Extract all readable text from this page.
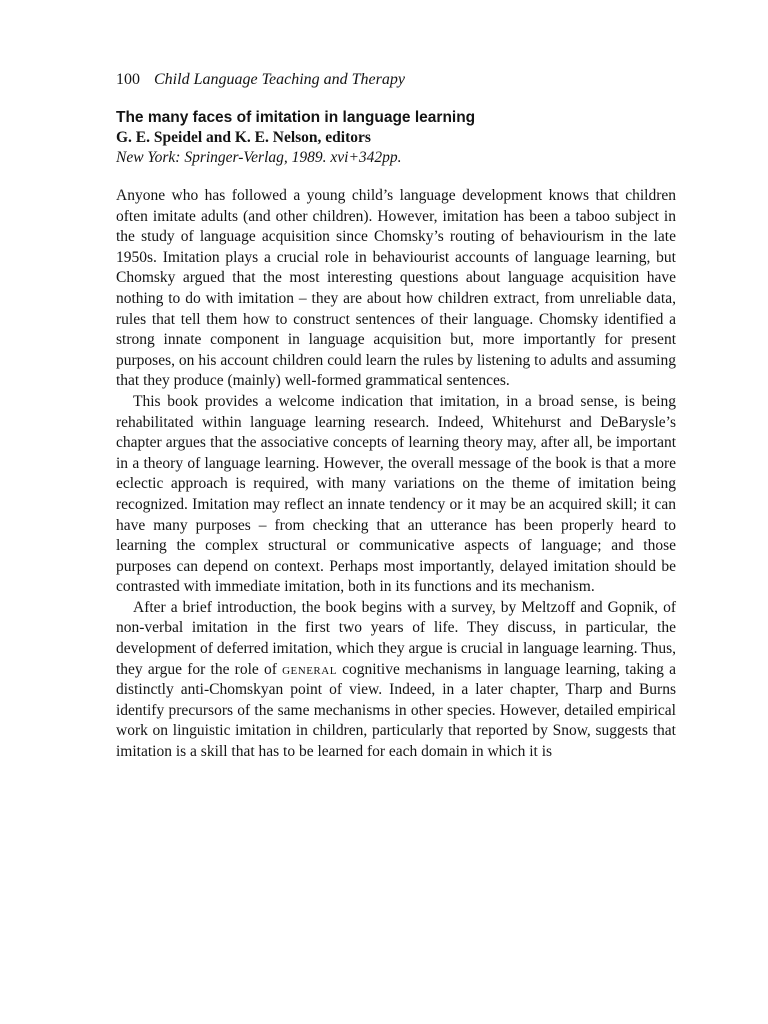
100 Child Language Teaching and Therapy

The many faces of imitation in language learning

G. E. Speidel and K. E. Nelson, editors

New York: Springer-Verlag, 1989. xvi+342pp.

Anyone who has followed a young child’s language development knows that children often imitate adults (and other children). However, imitation has been a taboo subject in the study of language acquisition since Chomsky’s routing of behaviourism in the late 1950s. Imitation plays a crucial role in behaviourist accounts of language learning, but Chomsky argued that the most interesting questions about language acquisition have nothing to do with imitation – they are about how children extract, from unreliable data, rules that tell them how to construct sentences of their language. Chomsky identified a strong innate component in language acquisition but, more importantly for present purposes, on his account children could learn the rules by listening to adults and assuming that they produce (mainly) well-formed grammatical sentences.

This book provides a welcome indication that imitation, in a broad sense, is being rehabilitated within language learning research. Indeed, Whitehurst and DeBarysle’s chapter argues that the associative concepts of learning theory may, after all, be important in a theory of language learning. However, the overall message of the book is that a more eclectic approach is required, with many variations on the theme of imitation being recognized. Imitation may reflect an innate tendency or it may be an acquired skill; it can have many purposes – from checking that an utterance has been properly heard to learning the complex structural or communicative aspects of language; and those purposes can depend on context. Perhaps most importantly, delayed imitation should be contrasted with immediate imitation, both in its functions and its mechanism.

After a brief introduction, the book begins with a survey, by Meltzoff and Gopnik, of non-verbal imitation in the first two years of life. They discuss, in particular, the development of deferred imitation, which they argue is crucial in language learning. Thus, they argue for the role of general cognitive mechanisms in language learning, taking a distinctly anti-Chomskyan point of view. Indeed, in a later chapter, Tharp and Burns identify precursors of the same mechanisms in other species. However, detailed empirical work on linguistic imitation in children, particularly that reported by Snow, suggests that imitation is a skill that has to be learned for each domain in which it is
